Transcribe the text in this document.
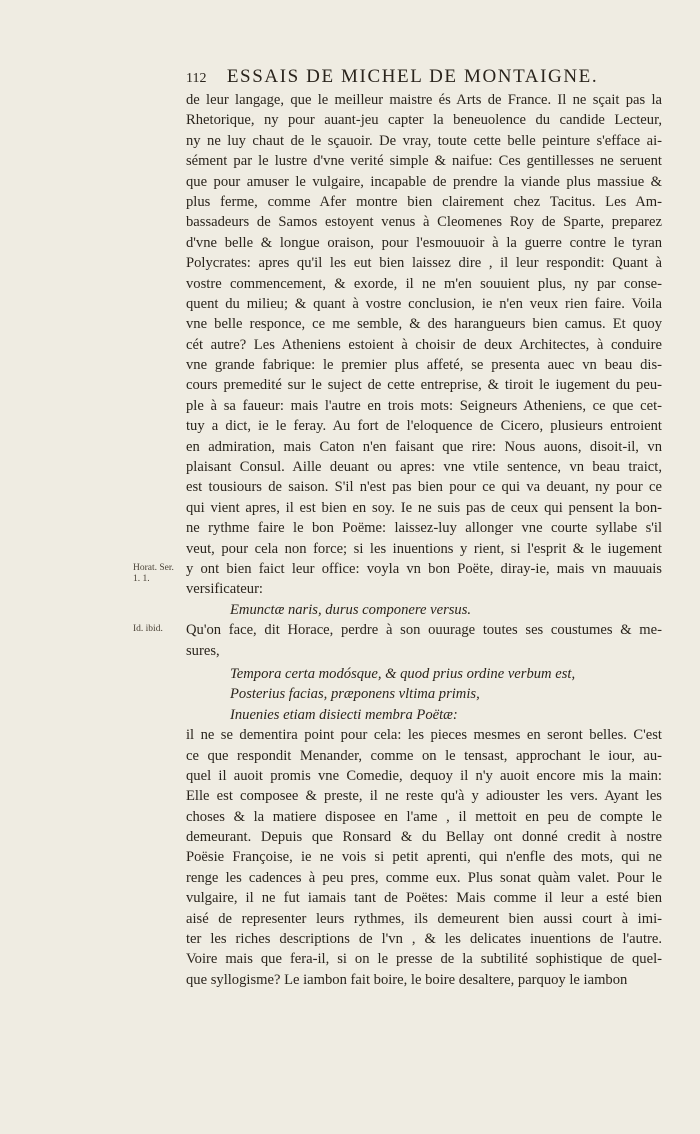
112 ESSAIS DE MICHEL DE MONTAIGNE.
Horat. Ser. 1. 1.
Id. ibid.
de leur langage, que le meilleur maistre és Arts de France. Il ne sçait pas la
Rhetorique, ny pour auant-jeu capter la beneuolence du candide Lecteur,
ny ne luy chaut de le sçauoir. De vray, toute cette belle peinture s'efface ai-
sément par le lustre d'vne verité simple & naifue: Ces gentillesses ne seruent
que pour amuser le vulgaire, incapable de prendre la viande plus massiue &
plus ferme, comme Afer montre bien clairement chez Tacitus. Les Am-
bassadeurs de Samos estoyent venus à Cleomenes Roy de Sparte, preparez
d'vne belle & longue oraison, pour l'esmouuoir à la guerre contre le tyran
Polycrates: apres qu'il les eut bien laissez dire , il leur respondit: Quant à
vostre commencement, & exorde, il ne m'en souuient plus, ny par conse-
quent du milieu; & quant à vostre conclusion, ie n'en veux rien faire. Voila
vne belle responce, ce me semble, & des harangueurs bien camus. Et quoy
cét autre? Les Atheniens estoient à choisir de deux Architectes, à conduire
vne grande fabrique: le premier plus affeté, se presenta auec vn beau dis-
cours premedité sur le suject de cette entreprise, & tiroit le iugement du peu-
ple à sa faueur: mais l'autre en trois mots: Seigneurs Atheniens, ce que cet-
tuy a dict, ie le feray. Au fort de l'eloquence de Cicero, plusieurs entroient
en admiration, mais Caton n'en faisant que rire: Nous auons, disoit-il, vn
plaisant Consul. Aille deuant ou apres: vne vtile sentence, vn beau traict,
est tousiours de saison. S'il n'est pas bien pour ce qui va deuant, ny pour ce
qui vient apres, il est bien en soy. Ie ne suis pas de ceux qui pensent la bon-
ne rythme faire le bon Poëme: laissez-luy allonger vne courte syllabe s'il
veut, pour cela non force; si les inuentions y rient, si l'esprit & le iugement
y ont bien faict leur office: voyla vn bon Poëte, diray-ie, mais vn mauuais
versificateur:
Emunctæ naris, durus componere versus.
Qu'on face, dit Horace, perdre à son ouurage toutes ses coustumes & me-
sures,
Tempora certa modósque, & quod prius ordine verbum est,
Posterius facias, præponens vltima primis,
Inuenies etiam disiecti membra Poëtæ:
il ne se dementira point pour cela: les pieces mesmes en seront belles. C'est
ce que respondit Menander, comme on le tensast, approchant le iour, au-
quel il auoit promis vne Comedie, dequoy il n'y auoit encore mis la main:
Elle est composee & preste, il ne reste qu'à y adiouster les vers. Ayant les
choses & la matiere disposee en l'ame , il mettoit en peu de compte le
demeurant. Depuis que Ronsard & du Bellay ont donné credit à nostre
Poësie Françoise, ie ne vois si petit aprenti, qui n'enfle des mots, qui ne
renge les cadences à peu pres, comme eux. Plus sonat quàm valet. Pour le
vulgaire, il ne fut iamais tant de Poëtes: Mais comme il leur a esté bien
aisé de representer leurs rythmes, ils demeurent bien aussi court à imi-
ter les riches descriptions de l'vn , & les delicates inuentions de l'autre.
Voire mais que fera-il, si on le presse de la subtilité sophistique de quel-
que syllogisme? Le iambon fait boire, le boire desaltere, parquoy le iambon
